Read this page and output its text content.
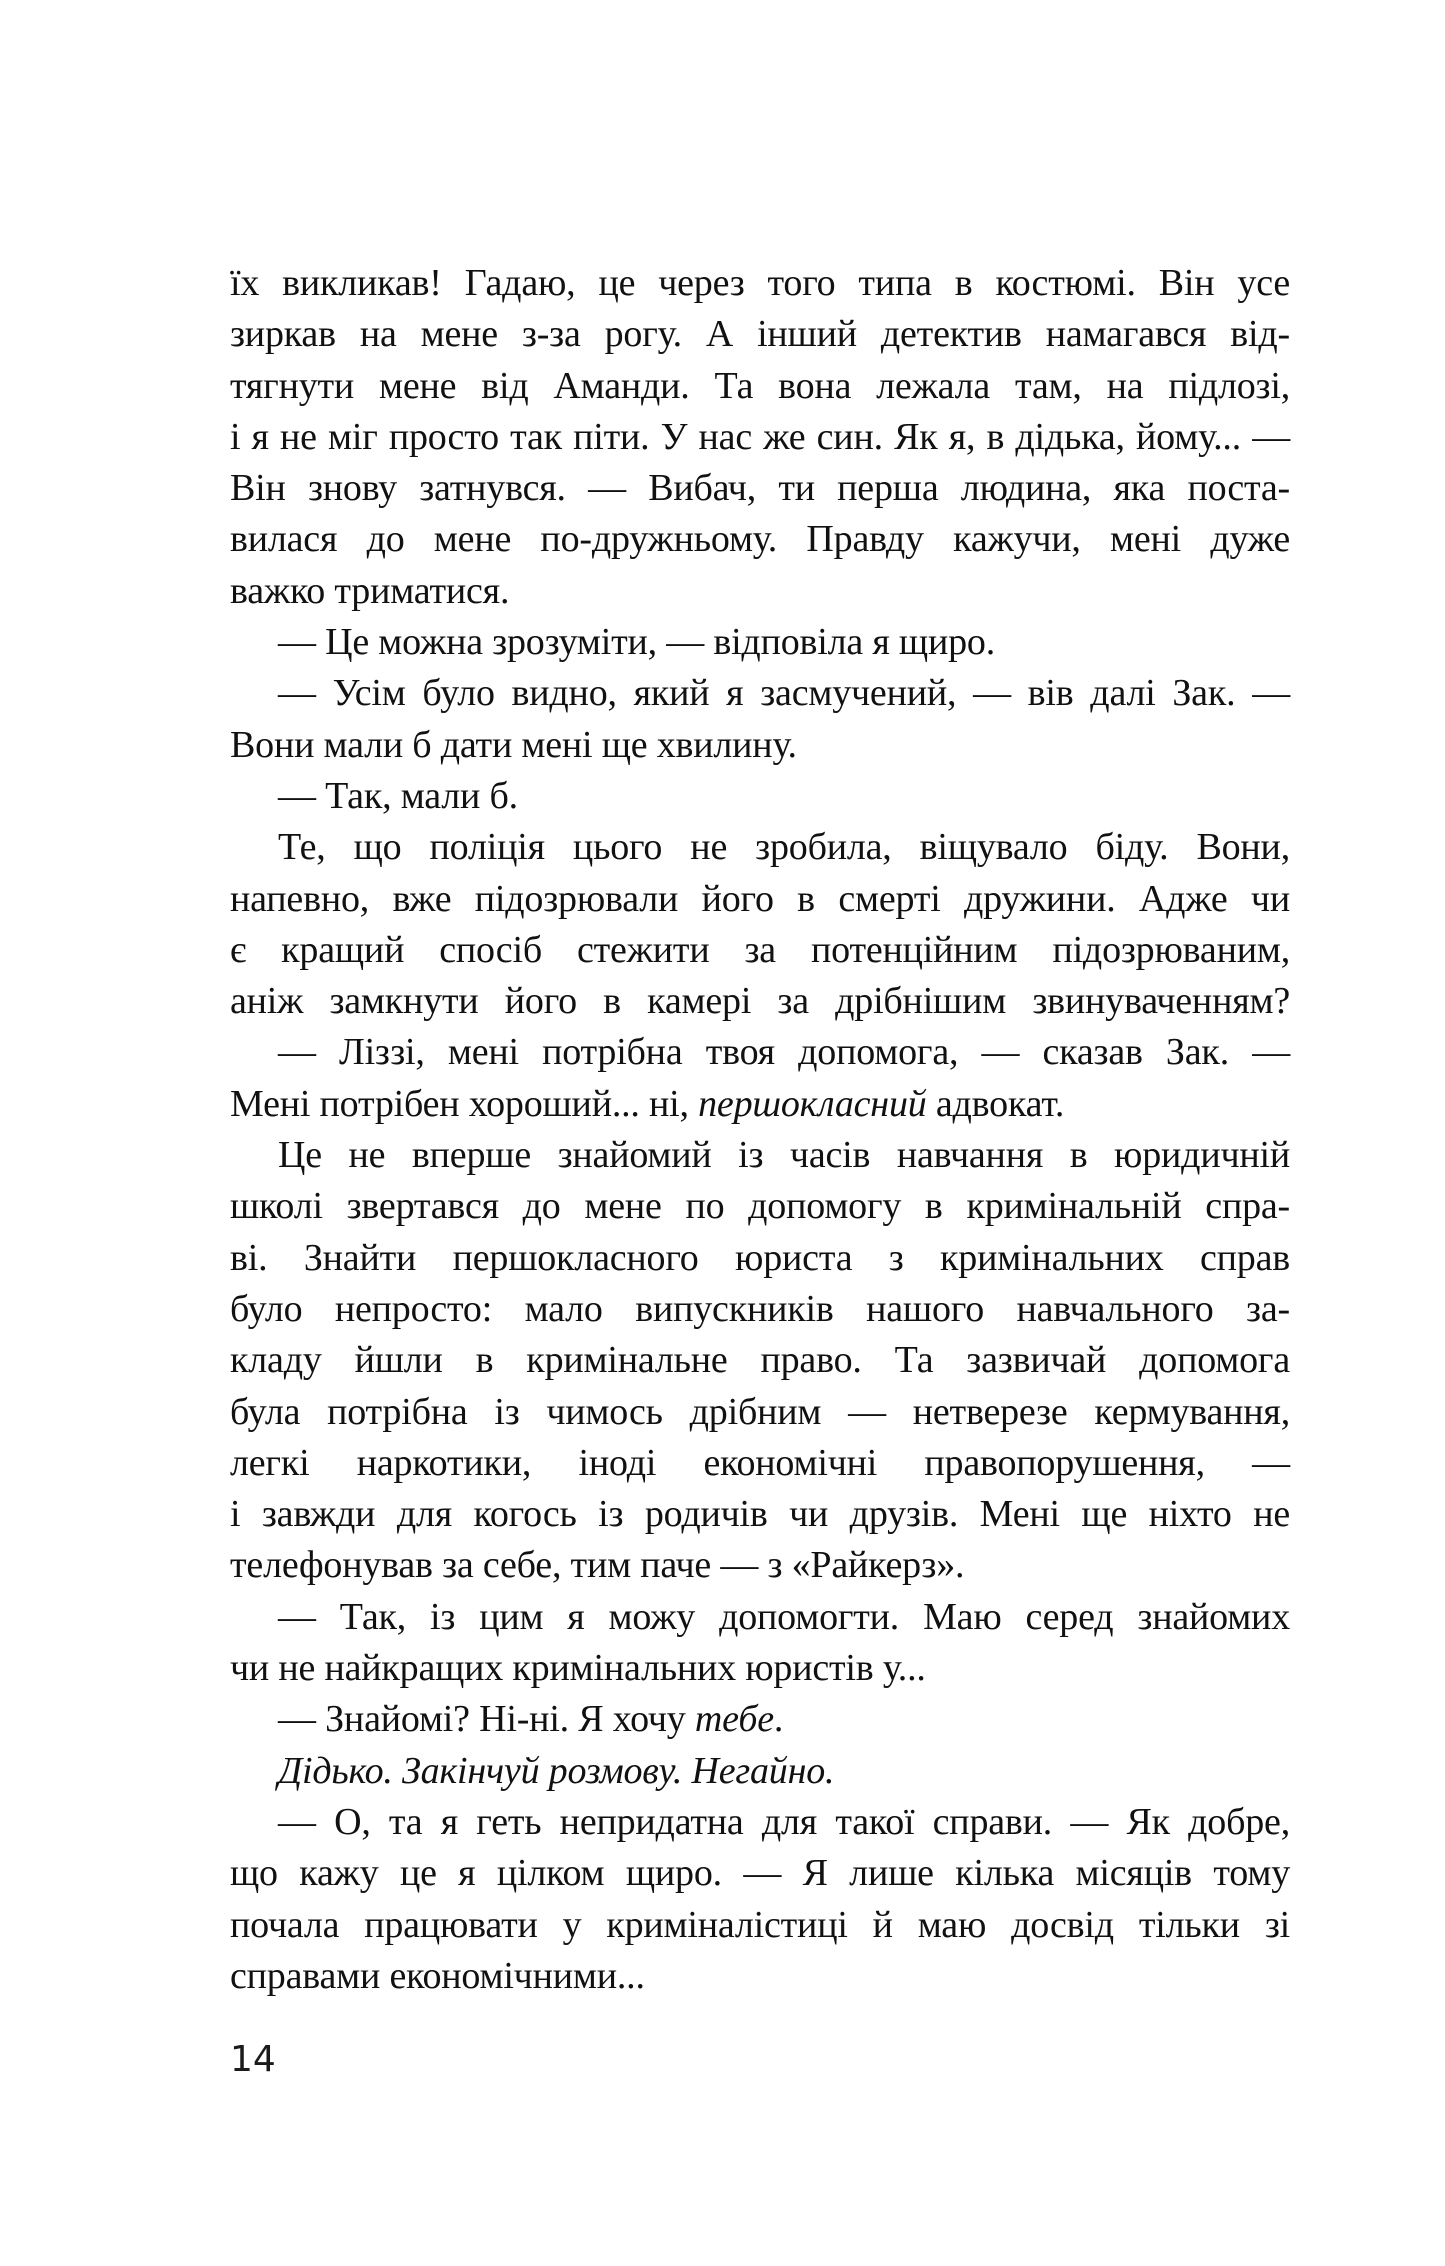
їх викликав! Гадаю, це через того типа в костюмі. Він усе
зиркав на мене з-за рогу. А інший детектив намагався від-
тягнути мене від Аманди. Та вона лежала там, на підлозі,
і я не міг просто так піти. У нас же син. Як я, в дідька, йому... —
Він знову затнувся. — Вибач, ти перша людина, яка поста-
вилася до мене по-дружньому. Правду кажучи, мені дуже
важко триматися.
— Це можна зрозуміти, — відповіла я щиро.
— Усім було видно, який я засмучений, — вів далі Зак. —
Вони мали б дати мені ще хвилину.
— Так, мали б.
Те, що поліція цього не зробила, віщувало біду. Вони,
напевно, вже підозрювали його в смерті дружини. Адже чи
є кращий спосіб стежити за потенційним підозрюваним,
аніж замкнути його в камері за дрібнішим звинуваченням?
— Ліззі, мені потрібна твоя допомога, — сказав Зак. —
Мені потрібен хороший... ні, першокласний адвокат.
Це не вперше знайомий із часів навчання в юридичній
школі звертався до мене по допомогу в кримінальній спра-
ві. Знайти першокласного юриста з кримінальних справ
було непросто: мало випускників нашого навчального за-
кладу йшли в кримінальне право. Та зазвичай допомога
була потрібна із чимось дрібним — нетверезе кермування,
легкі наркотики, іноді економічні правопорушення, —
і завжди для когось із родичів чи друзів. Мені ще ніхто не
телефонував за себе, тим паче — з «Райкерз».
— Так, із цим я можу допомогти. Маю серед знайомих
чи не найкращих кримінальних юристів у...
— Знайомі? Ні-ні. Я хочу тебе.
Дідько. Закінчуй розмову. Негайно.
— О, та я геть непридатна для такої справи. — Як добре,
що кажу це я цілком щиро. — Я лише кілька місяців тому
почала працювати у криміналістиці й маю досвід тільки зі
справами економічними...
14
